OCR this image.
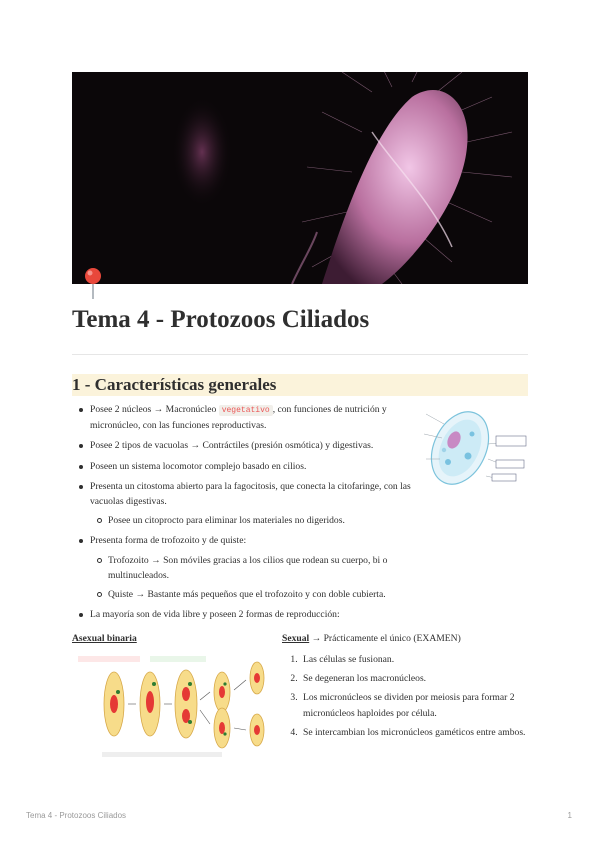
Tema 4 - Protozoos Ciliados
1 - Características generales
Posee 2 núcleos → Macronúcleo vegetativo , con funciones de nutrición y micronúcleo, con las funciones reproductivas.
Posee 2 tipos de vacuolas → Contráctiles (presión osmótica) y digestivas.
Poseen un sistema locomotor complejo basado en cilios.
Presenta un citostoma abierto para la fagocitosis, que conecta la citofaringe, con las vacuolas digestivas.
Posee un citoprocto para eliminar los materiales no digeridos.
Presenta forma de trofozoito y de quiste:
Trofozoito → Son móviles gracias a los cilios que rodean su cuerpo, bi o multinucleados.
Quiste → Bastante más pequeños que el trofozoito y con doble cubierta.
La mayoría son de vida libre y poseen 2 formas de reproducción:
Asexual binaria	Sexual → Prácticamente el único (EXAMEN)
1. Las células se fusionan.
2. Se degeneran los macronúcleos.
3. Los micronúcleos se dividen por meiosis para formar 2 micronúcleos haploides por célula.
4. Se intercambian los micronúcleos gaméticos entre ambos.
Tema 4 - Protozoos Ciliados	1
